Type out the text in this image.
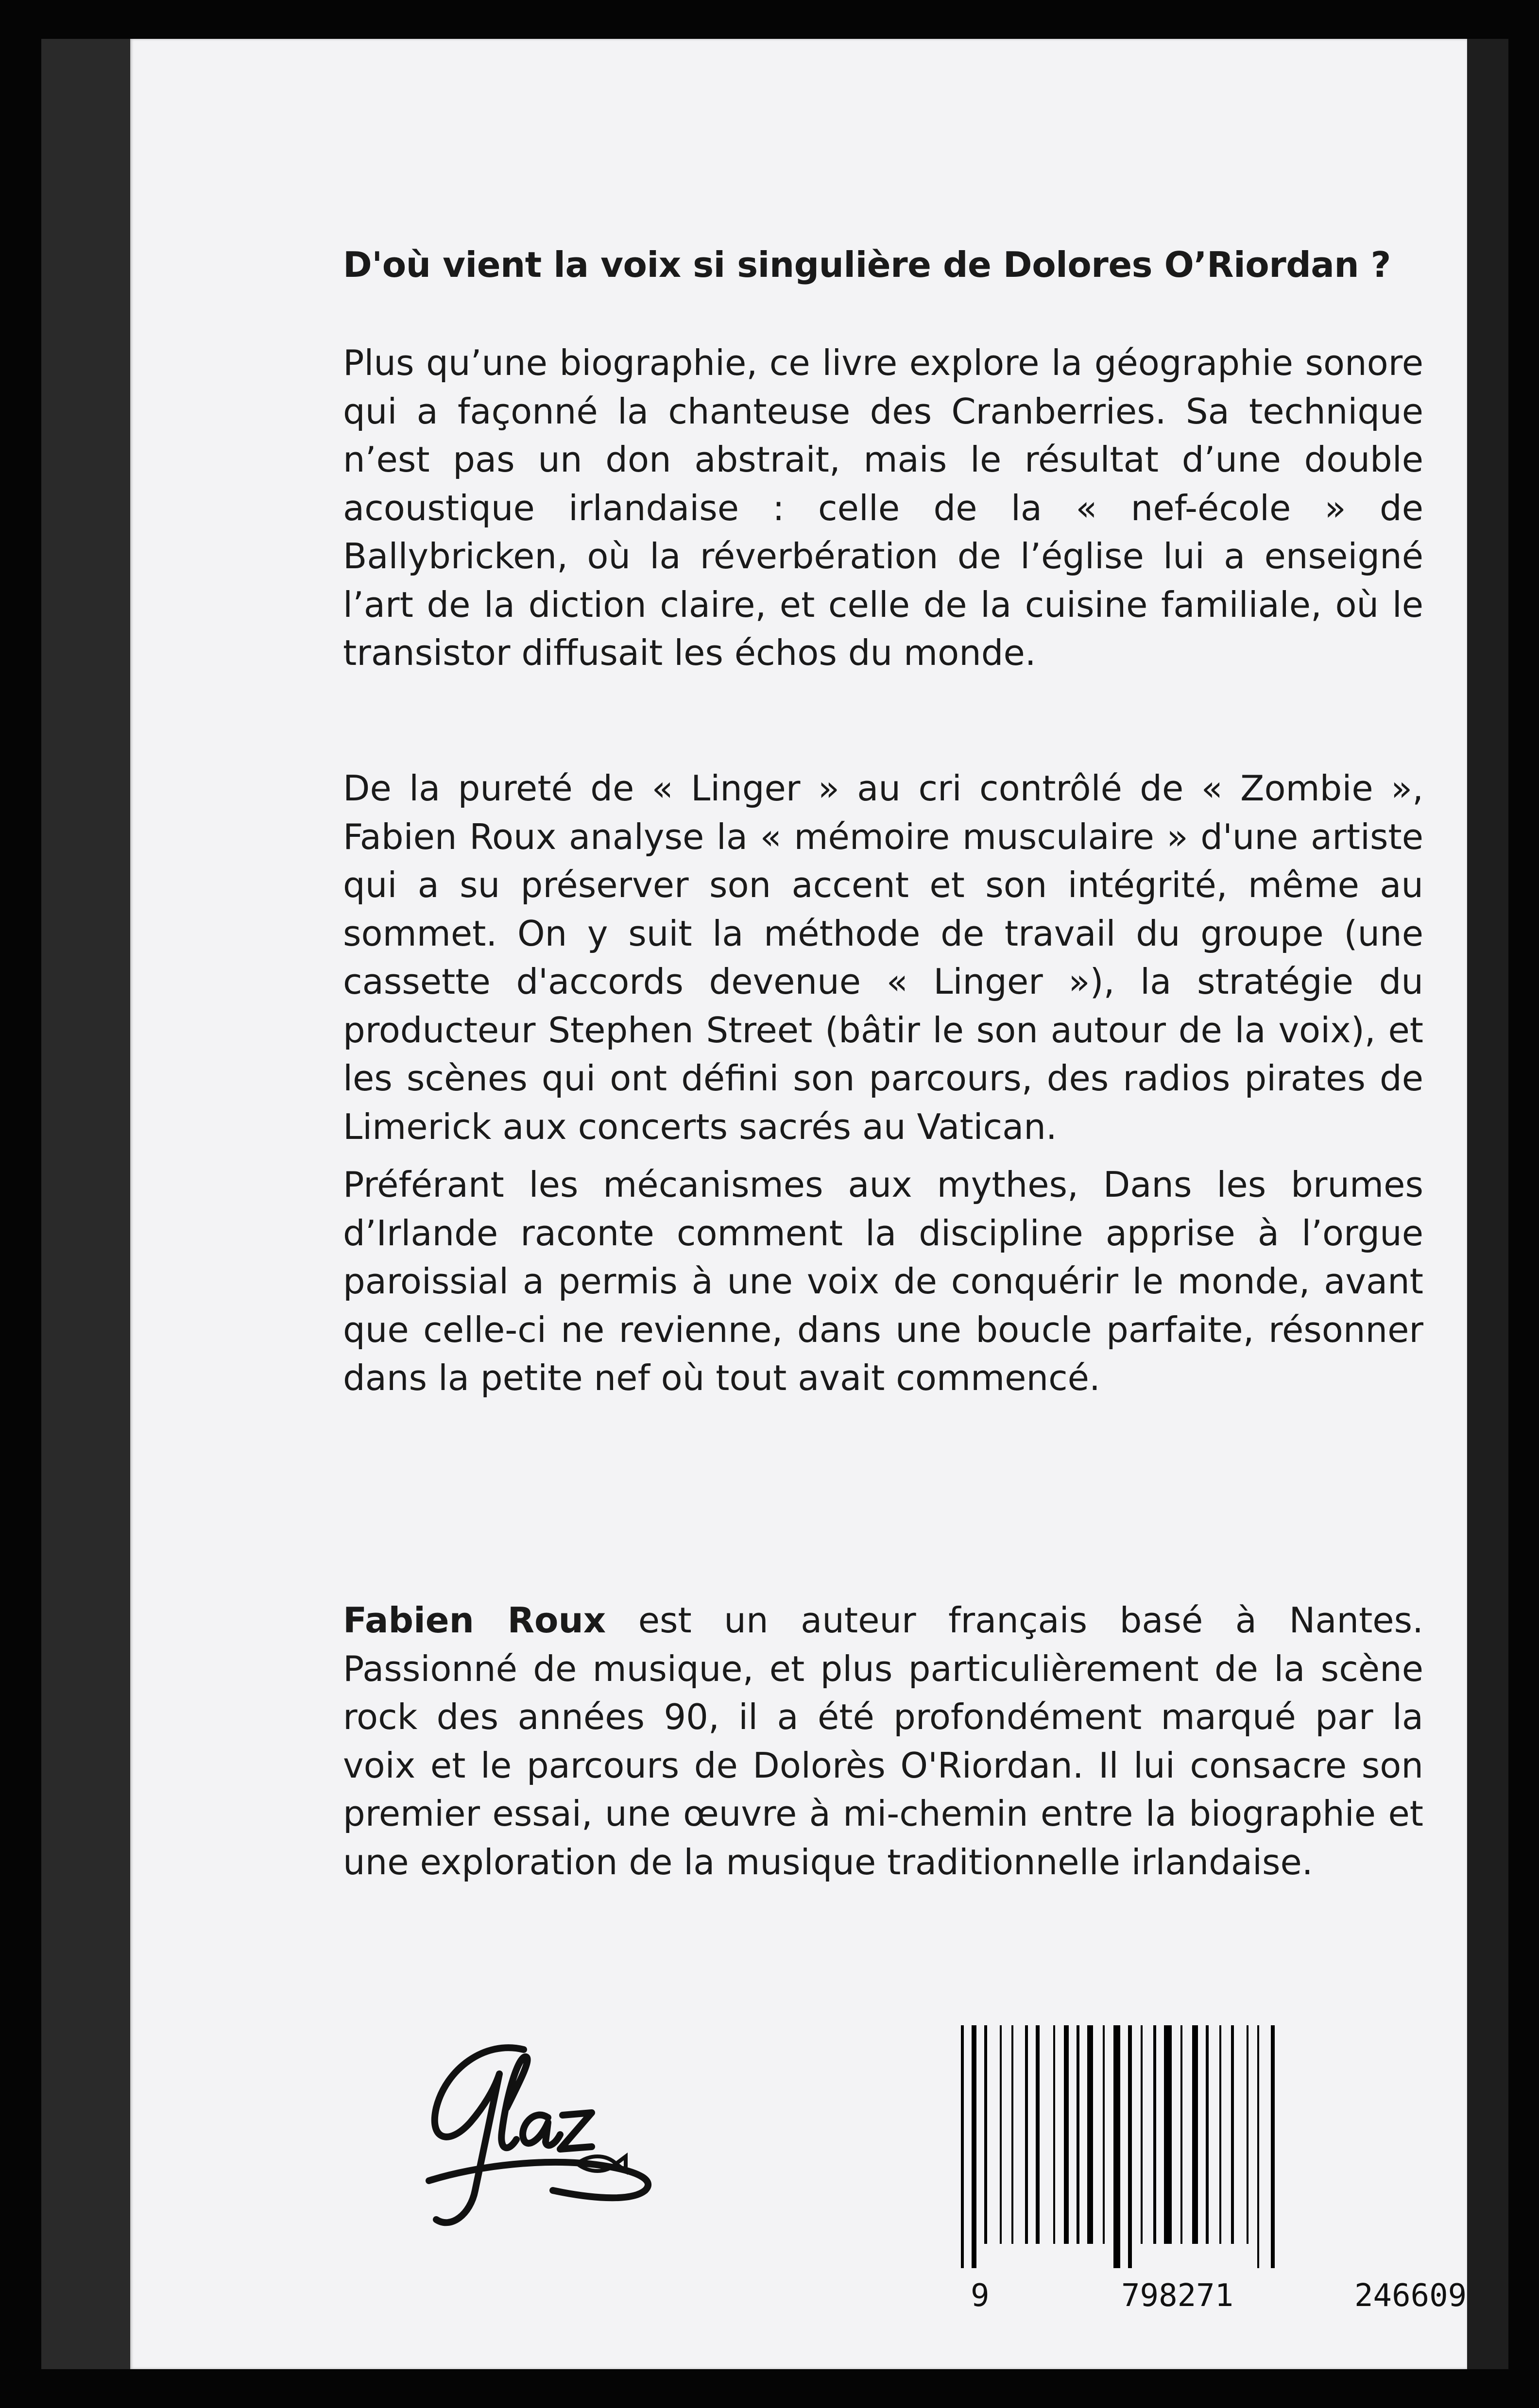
D'où vient la voix si singulière de Dolores O’Riordan ?

Plus qu’une biographie, ce livre explore la géographie sonore qui a façonné la chanteuse des Cranberries. Sa technique n’est pas un don abstrait, mais le résultat d’une double acoustique irlandaise : celle de la « nef-école » de Ballybricken, où la réverbération de l’église lui a enseigné l’art de la diction claire, et celle de la cuisine familiale, où le transistor diffusait les échos du monde.

De la pureté de « Linger » au cri contrôlé de « Zombie », Fabien Roux analyse la « mémoire musculaire » d'une artiste qui a su préserver son accent et son intégrité, même au sommet. On y suit la méthode de travail du groupe (une cassette d'accords devenue « Linger »), la stratégie du producteur Stephen Street (bâtir le son autour de la voix), et les scènes qui ont défini son parcours, des radios pirates de Limerick aux concerts sacrés au Vatican.

Préférant les mécanismes aux mythes, Dans les brumes d’Irlande raconte comment la discipline apprise à l’orgue paroissial a permis à une voix de conquérir le monde, avant que celle-ci ne revienne, dans une boucle parfaite, résonner dans la petite nef où tout avait commencé.

Fabien Roux est un auteur français basé à Nantes. Passionné de musique, et plus particulièrement de la scène rock des années 90, il a été profondément marqué par la voix et le parcours de Dolorès O'Riordan. Il lui consacre son premier essai, une œuvre à mi-chemin entre la biographie et une exploration de la musique traditionnelle irlandaise.

9	798271	246609
